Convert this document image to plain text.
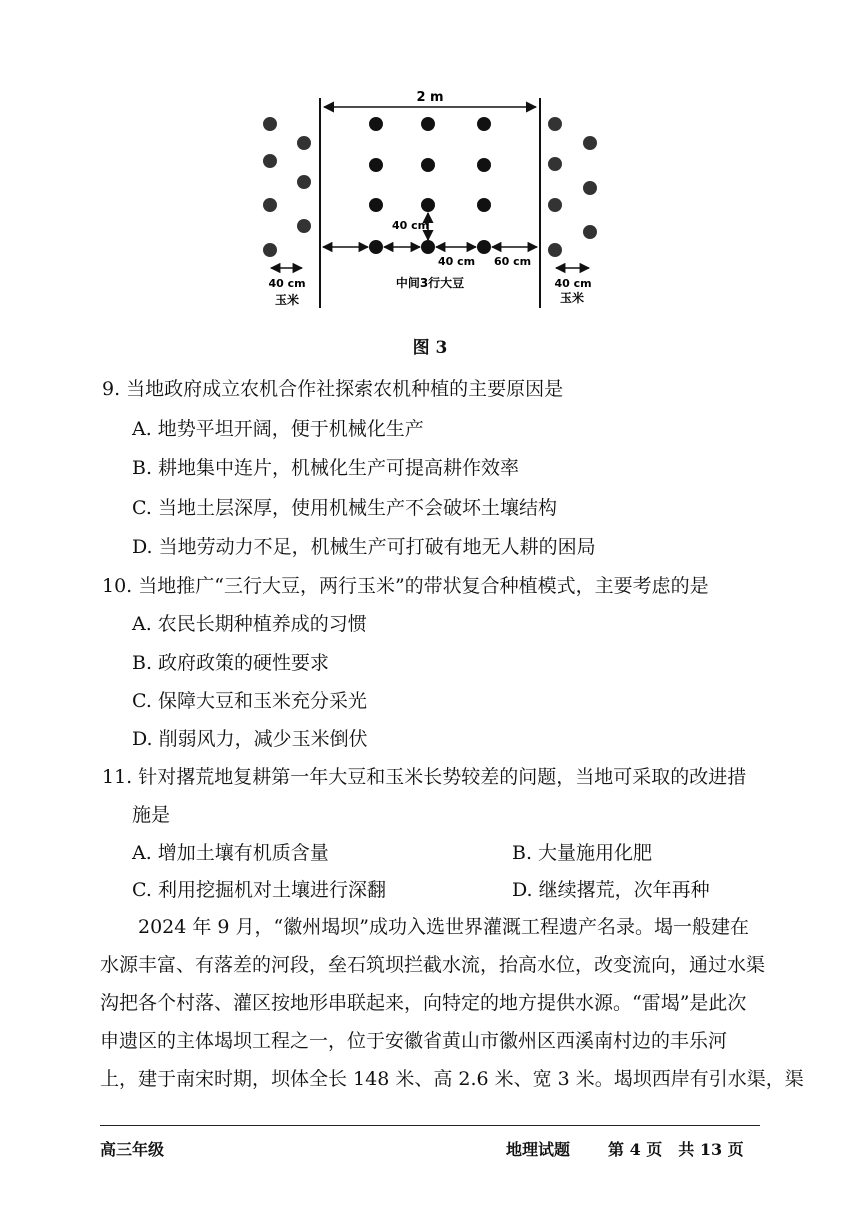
2 m
40 cm
40 cm 60 cm
40 cm
玉米
中间3行大豆	40 cm
玉米
图 3
9. 当地政府成立农机合作社探索农机种植的主要原因是
A. 地势平坦开阔，便于机械化生产
B. 耕地集中连片，机械化生产可提高耕作效率
C. 当地土层深厚，使用机械生产不会破坏土壤结构
D. 当地劳动力不足，机械生产可打破有地无人耕的困局
10. 当地推广“三行大豆，两行玉米”的带状复合种植模式，主要考虑的是
A. 农民长期种植养成的习惯
B. 政府政策的硬性要求
C. 保障大豆和玉米充分采光
D. 削弱风力，减少玉米倒伏
11. 针对撂荒地复耕第一年大豆和玉米长势较差的问题，当地可采取的改进措
施是
A. 增加土壤有机质含量	B. 大量施用化肥
C. 利用挖掘机对土壤进行深翻	D. 继续撂荒，次年再种
2024 年 9 月，“徽州堨坝”成功入选世界灌溉工程遗产名录。堨一般建在
水源丰富、有落差的河段，垒石筑坝拦截水流，抬高水位，改变流向，通过水渠
沟把各个村落、灌区按地形串联起来，向特定的地方提供水源。“雷堨”是此次
申遗区的主体堨坝工程之一，位于安徽省黄山市徽州区西溪南村边的丰乐河
上，建于南宋时期，坝体全长 148 米、高 2.6 米、宽 3 米。堨坝西岸有引水渠，渠
高三年级	地理试题 第 4 页　共 13 页
